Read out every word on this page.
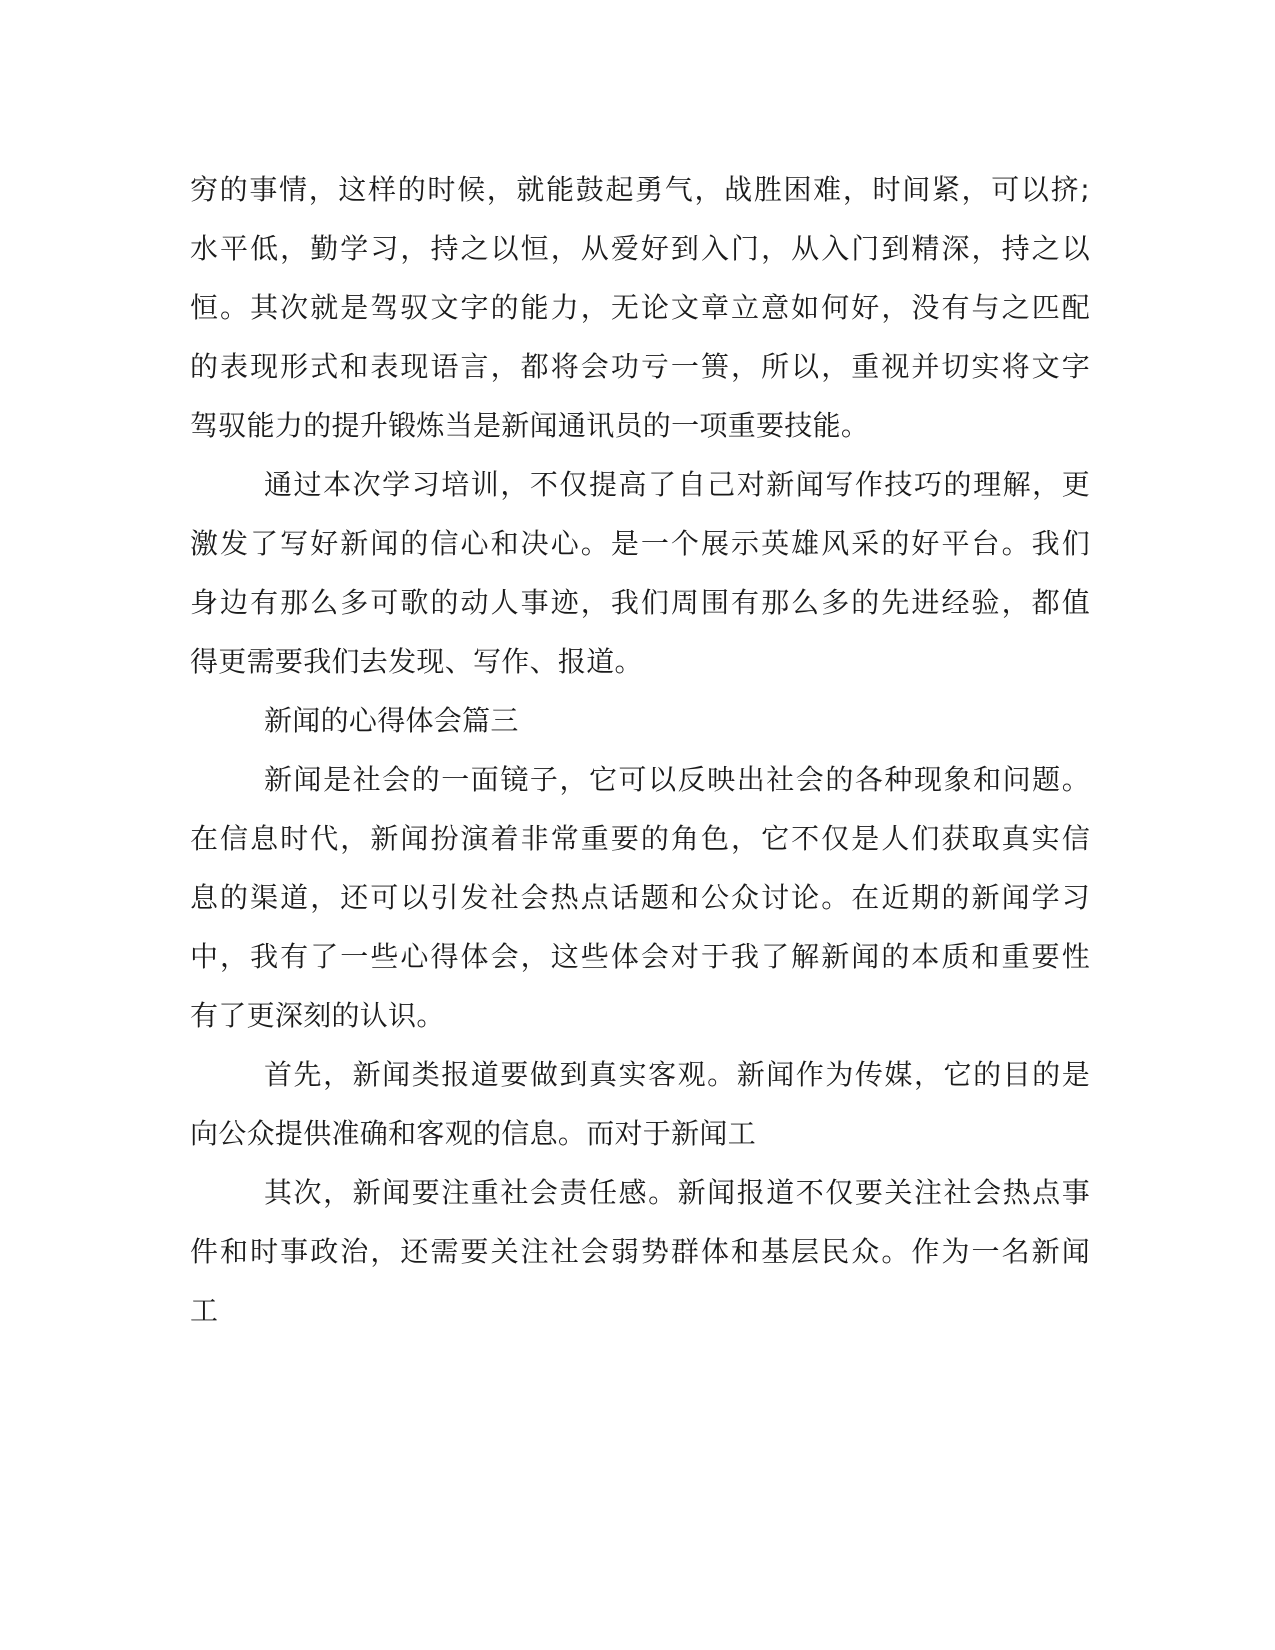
穷的事情，这样的时候，就能鼓起勇气，战胜困难，时间紧，可以挤;
水平低，勤学习，持之以恒，从爱好到入门，从入门到精深，持之以
恒。其次就是驾驭文字的能力，无论文章立意如何好，没有与之匹配
的表现形式和表现语言，都将会功亏一篑，所以，重视并切实将文字
驾驭能力的提升锻炼当是新闻通讯员的一项重要技能。
通过本次学习培训，不仅提高了自己对新闻写作技巧的理解，更
激发了写好新闻的信心和决心。是一个展示英雄风采的好平台。我们
身边有那么多可歌的动人事迹，我们周围有那么多的先进经验，都值
得更需要我们去发现、写作、报道。
新闻的心得体会篇三
新闻是社会的一面镜子，它可以反映出社会的各种现象和问题。
在信息时代，新闻扮演着非常重要的角色，它不仅是人们获取真实信
息的渠道，还可以引发社会热点话题和公众讨论。在近期的新闻学习
中，我有了一些心得体会，这些体会对于我了解新闻的本质和重要性
有了更深刻的认识。
首先，新闻类报道要做到真实客观。新闻作为传媒，它的目的是
向公众提供准确和客观的信息。而对于新闻工
其次，新闻要注重社会责任感。新闻报道不仅要关注社会热点事
件和时事政治，还需要关注社会弱势群体和基层民众。作为一名新闻
工
